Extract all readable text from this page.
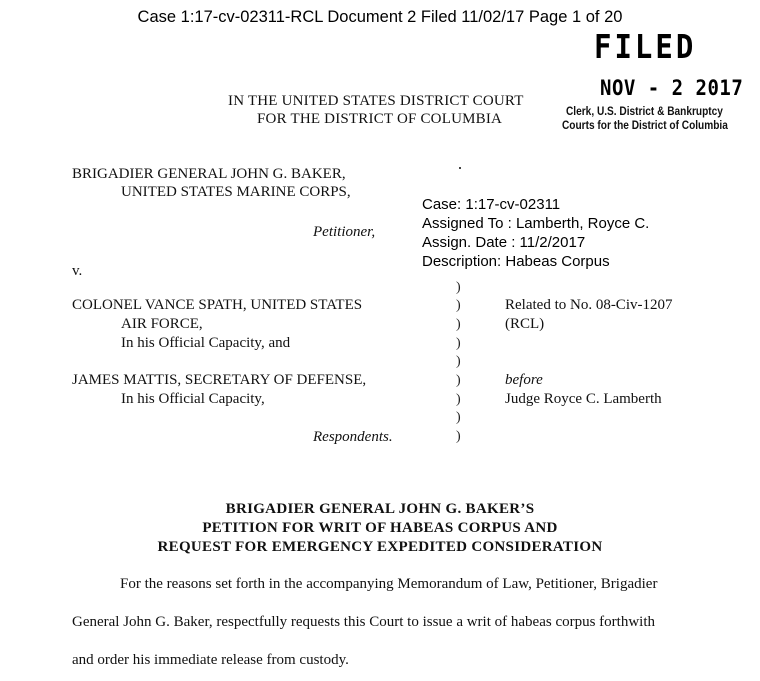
Case 1:17-cv-02311-RCL Document 2 Filed 11/02/17 Page 1 of 20
FILED
NOV - 2 2017
Clerk, U.S. District & Bankruptcy
Courts for the District of Columbia
IN THE UNITED STATES DISTRICT COURT
FOR THE DISTRICT OF COLUMBIA
BRIGADIER GENERAL JOHN G. BAKER,
UNITED STATES MARINE CORPS,
Petitioner,
Case: 1:17-cv-02311
Assigned To : Lamberth, Royce C.
Assign. Date : 11/2/2017
Description: Habeas Corpus
v.
)
)
)
)
)
)
)
)
)
COLONEL VANCE SPATH, UNITED STATES
AIR FORCE,
In his Official Capacity, and
Related to No. 08-Civ-1207
(RCL)
JAMES MATTIS, SECRETARY OF DEFENSE,
In his Official Capacity,
Respondents.
before
Judge Royce C. Lamberth
BRIGADIER GENERAL JOHN G. BAKER’S
PETITION FOR WRIT OF HABEAS CORPUS AND
REQUEST FOR EMERGENCY EXPEDITED CONSIDERATION
For the reasons set forth in the accompanying Memorandum of Law, Petitioner, Brigadier
General John G. Baker, respectfully requests this Court to issue a writ of habeas corpus forthwith
and order his immediate release from custody.
